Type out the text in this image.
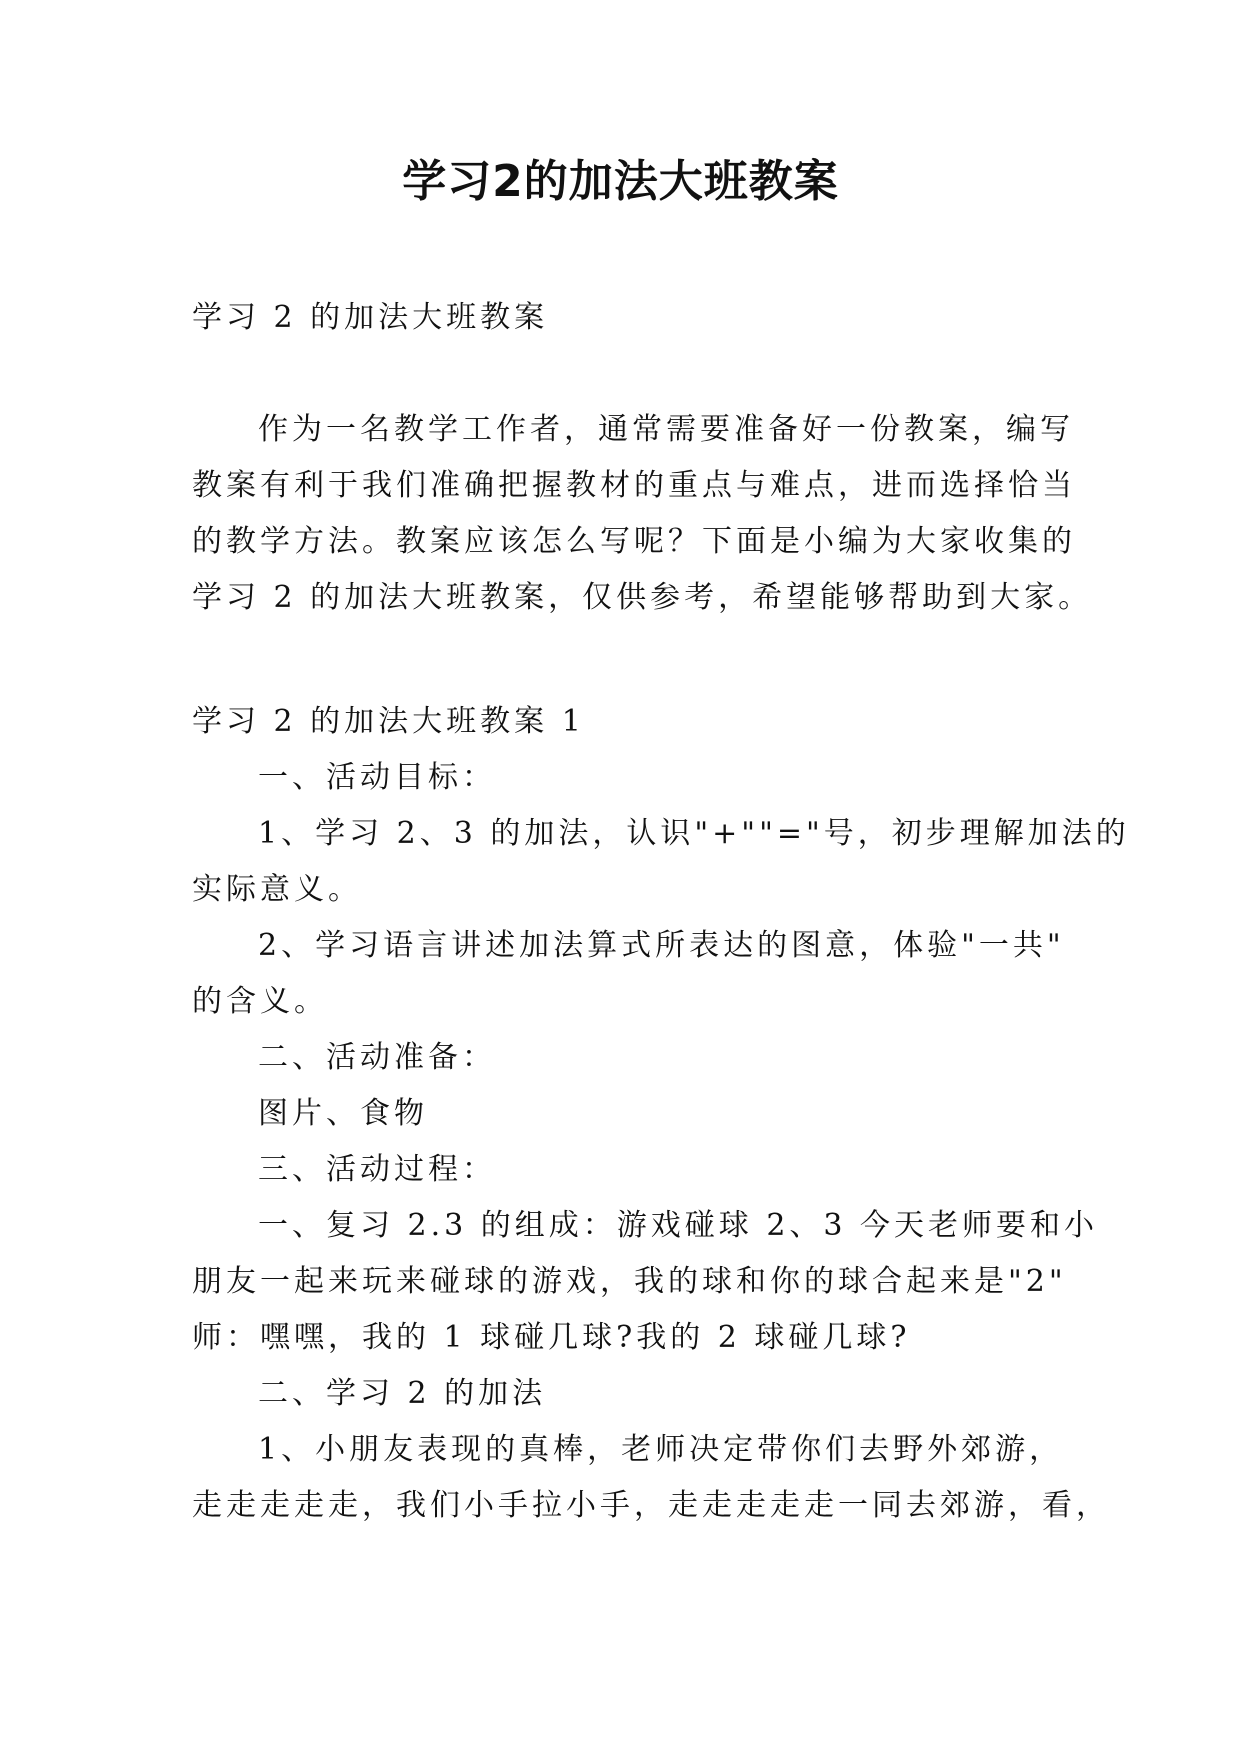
学习2的加法大班教案
学习 2 的加法大班教案
作为一名教学工作者，通常需要准备好一份教案，编写
教案有利于我们准确把握教材的重点与难点，进而选择恰当
的教学方法。教案应该怎么写呢？下面是小编为大家收集的
学习 2 的加法大班教案，仅供参考，希望能够帮助到大家。
学习 2 的加法大班教案 1
一、活动目标：
1、学习 2、3 的加法，认识"+""="号，初步理解加法的
实际意义。
2、学习语言讲述加法算式所表达的图意，体验"一共"
的含义。
二、活动准备：
图片、食物
三、活动过程：
一、复习 2.3 的组成：游戏碰球 2、3 今天老师要和小
朋友一起来玩来碰球的游戏，我的球和你的球合起来是"2"
师：嘿嘿，我的 1 球碰几球?我的 2 球碰几球?
二、学习 2 的加法
1、小朋友表现的真棒，老师决定带你们去野外郊游，
走走走走走，我们小手拉小手，走走走走走一同去郊游，看，
